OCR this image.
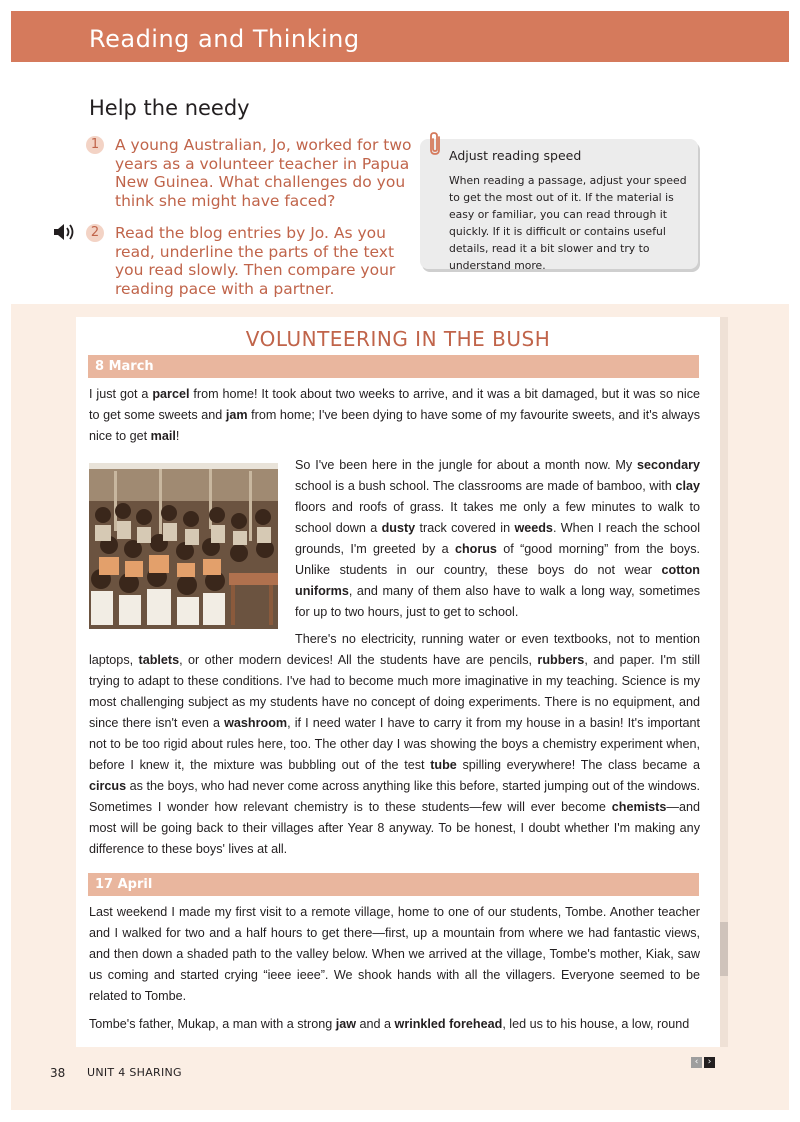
Reading and Thinking
Help the needy
1	A young Australian, Jo, worked for two years as a volunteer teacher in Papua New Guinea. What challenges do you think she might have faced?
2	Read the blog entries by Jo. As you read, underline the parts of the text you read slowly. Then compare your reading pace with a partner.
Adjust reading speed
When reading a passage, adjust your speed to get the most out of it. If the material is easy or familiar, you can read through it quickly. If it is difficult or contains useful details, read it a bit slower and try to understand more.
VOLUNTEERING IN THE BUSH
8 March
I just got a parcel from home! It took about two weeks to arrive, and it was a bit damaged, but it was so nice to get some sweets and jam from home; I've been dying to have some of my favourite sweets, and it's always nice to get mail!
So I've been here in the jungle for about a month now. My secondary school is a bush school. The classrooms are made of bamboo, with clay floors and roofs of grass. It takes me only a few minutes to walk to school down a dusty track covered in weeds. When I reach the school grounds, I'm greeted by a chorus of “good morning” from the boys. Unlike students in our country, these boys do not wear cotton uniforms, and many of them also have to walk a long way, sometimes for up to two hours, just to get to school.
There's no electricity, running water or even textbooks, not to mention laptops, tablets, or other modern devices! All the students have are pencils, rubbers, and paper. I'm still trying to adapt to these conditions. I've had to become much more imaginative in my teaching. Science is my most challenging subject as my students have no concept of doing experiments. There is no equipment, and since there isn't even a washroom, if I need water I have to carry it from my house in a basin! It's important not to be too rigid about rules here, too. The other day I was showing the boys a chemistry experiment when, before I knew it, the mixture was bubbling out of the test tube spilling everywhere! The class became a circus as the boys, who had never come across anything like this before, started jumping out of the windows. Sometimes I wonder how relevant chemistry is to these students—few will ever become chemists—and most will be going back to their villages after Year 8 anyway. To be honest, I doubt whether I'm making any difference to these boys' lives at all.
17 April
Last weekend I made my first visit to a remote village, home to one of our students, Tombe. Another teacher and I walked for two and a half hours to get there—first, up a mountain from where we had fantastic views, and then down a shaded path to the valley below. When we arrived at the village, Tombe's mother, Kiak, saw us coming and started crying “ieee ieee”. We shook hands with all the villagers. Everyone seemed to be related to Tombe.
Tombe's father, Mukap, a man with a strong jaw and a wrinkled forehead, led us to his house, a low, round
38 UNIT 4 SHARING
‹	›
